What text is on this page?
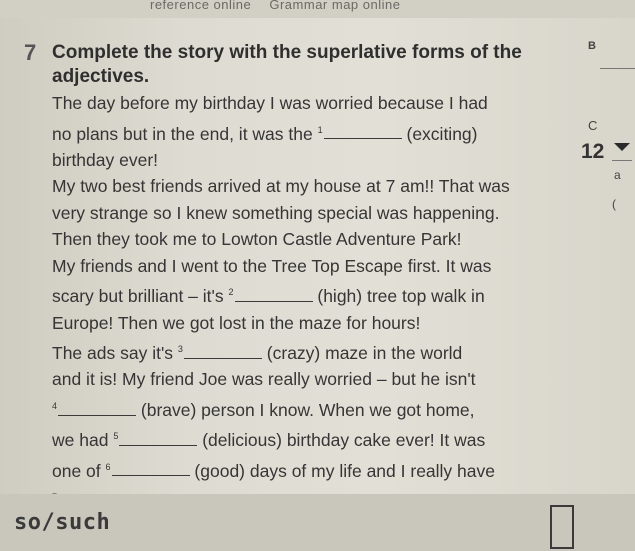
reference online Grammar map online
7 Complete the story with the superlative forms of the adjectives.
The day before my birthday I was worried because I had
no plans but in the end, it was the $^1$	(exciting)
birthday ever!
My two best friends arrived at my house at 7 am!! That was
very strange so I knew something special was happening.
Then they took me to Lowton Castle Adventure Park!
My friends and I went to the Tree Top Escape first. It was
scary but brilliant – it's $^2$	(high) tree top walk in
Europe! Then we got lost in the maze for hours!
The ads say it's $^3$	(crazy) maze in the world
and it is! My friend Joe was really worried – but he isn't
$^4$	(brave) person I know. When we got home,
we had $^5$	(delicious) birthday cake ever! It was
one of $^6$	(good) days of my life and I really have
B
C
12
a
(
so/such
